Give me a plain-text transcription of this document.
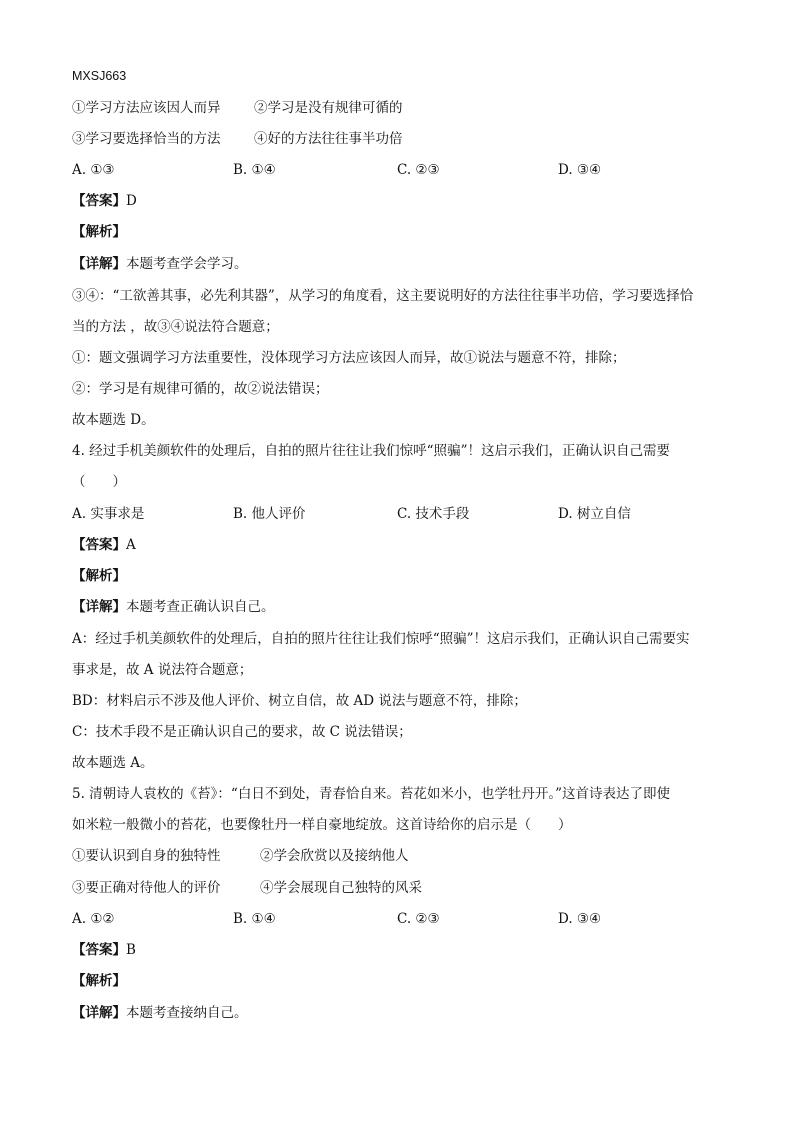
MXSJ663
①学习方法应该因人而异 ②学习是没有规律可循的
③学习要选择恰当的方法 ④好的方法往往事半功倍
A. ①③	B. ①④	C. ②③	D. ③④
【答案】D
【解析】
【详解】本题考查学会学习。
③④：“工欲善其事，必先利其器”，从学习的角度看，这主要说明好的方法往往事半功倍，学习要选择恰
当的方法 ，故③④说法符合题意；
①：题文强调学习方法重要性，没体现学习方法应该因人而异，故①说法与题意不符，排除；
②：学习是有规律可循的，故②说法错误；
故本题选 D。
4. 经过手机美颜软件的处理后，自拍的照片往往让我们惊呼“照骗”！这启示我们，正确认识自己需要
（　　）
A. 实事求是	B. 他人评价	C. 技术手段	D. 树立自信
【答案】A
【解析】
【详解】本题考查正确认识自己。
A：经过手机美颜软件的处理后，自拍的照片往往让我们惊呼“照骗”！这启示我们，正确认识自己需要实
事求是，故 A 说法符合题意；
BD：材料启示不涉及他人评价、树立自信，故 AD 说法与题意不符，排除；
C：技术手段不是正确认识自己的要求，故 C 说法错误；
故本题选 A。
5. 清朝诗人袁枚的《苔》：“白日不到处，青春恰自来。苔花如米小，也学牡丹开。”这首诗表达了即使
如米粒一般微小的苔花，也要像牡丹一样自豪地绽放。这首诗给你的启示是（　　）
①要认识到自身的独特性	②学会欣赏以及接纳他人
③要正确对待他人的评价	④学会展现自己独特的风采
A. ①②	B. ①④	C. ②③	D. ③④
【答案】B
【解析】
【详解】本题考查接纳自己。
